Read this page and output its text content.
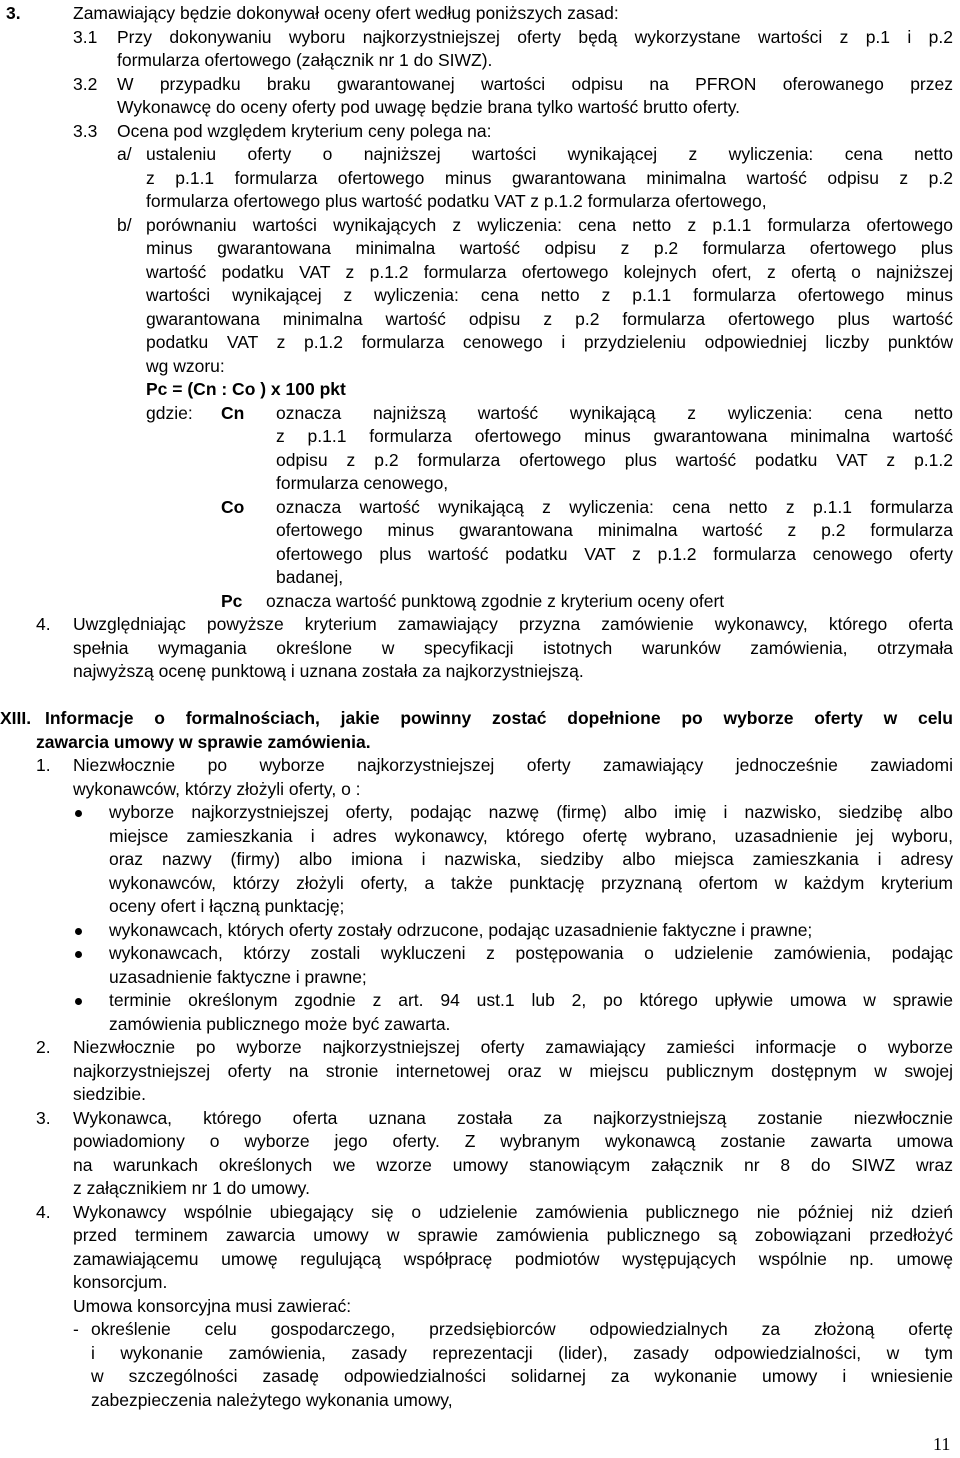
3.	Zamawiający będzie dokonywał oceny ofert według poniższych zasad:
3.1 Przy dokonywaniu wyboru najkorzystniejszej oferty będą wykorzystane wartości z p.1 i p.2
formularza ofertowego (załącznik nr 1 do SIWZ).
3.2 W przypadku braku gwarantowanej wartości odpisu na PFRON oferowanego przez
Wykonawcę do oceny oferty pod uwagę będzie brana tylko wartość brutto oferty.
3.3 Ocena pod względem kryterium ceny polega na:
a/ ustaleniu oferty o najniższej wartości wynikającej z wyliczenia: cena netto
z p.1.1 formularza ofertowego minus gwarantowana minimalna wartość odpisu z p.2
formularza ofertowego plus wartość podatku VAT z p.1.2 formularza ofertowego,
b/ porównaniu wartości wynikających z wyliczenia: cena netto z p.1.1 formularza ofertowego
minus gwarantowana minimalna wartość odpisu z p.2 formularza ofertowego plus
wartość podatku VAT z p.1.2 formularza ofertowego kolejnych ofert, z ofertą o najniższej
wartości wynikającej z wyliczenia: cena netto z p.1.1 formularza ofertowego minus
gwarantowana minimalna wartość odpisu z p.2 formularza ofertowego plus wartość
podatku VAT z p.1.2 formularza cenowego i przydzieleniu odpowiedniej liczby punktów
wg wzoru:
Pc = (Cn : Co ) x 100 pkt
gdzie: Cn oznacza najniższą wartość wynikającą z wyliczenia: cena netto
z p.1.1 formularza ofertowego minus gwarantowana minimalna wartość
odpisu z p.2 formularza ofertowego plus wartość podatku VAT z p.1.2
formularza cenowego,
Co oznacza wartość wynikającą z wyliczenia: cena netto z p.1.1 formularza
ofertowego minus gwarantowana minimalna wartość z p.2 formularza
ofertowego plus wartość podatku VAT z p.1.2 formularza cenowego oferty
badanej,
Pc oznacza wartość punktową zgodnie z kryterium oceny ofert
4. Uwzględniając powyższe kryterium zamawiający przyzna zamówienie wykonawcy, którego oferta
spełnia wymagania określone w specyfikacji istotnych warunków zamówienia, otrzymała
najwyższą ocenę punktową i uznana została za najkorzystniejszą.
XIII. Informacje o formalnościach, jakie powinny zostać dopełnione po wyborze oferty w celu
zawarcia umowy w sprawie zamówienia.
1. Niezwłocznie po wyborze najkorzystniejszej oferty zamawiający jednocześnie zawiadomi
wykonawców, którzy złożyli oferty, o :
wyborze najkorzystniejszej oferty, podając nazwę (firmę) albo imię i nazwisko, siedzibę albo
miejsce zamieszkania i adres wykonawcy, którego ofertę wybrano, uzasadnienie jej wyboru,
oraz nazwy (firmy) albo imiona i nazwiska, siedziby albo miejsca zamieszkania i adresy
wykonawców, którzy złożyli oferty, a także punktację przyznaną ofertom w każdym kryterium
oceny ofert i łączną punktację;
wykonawcach, których oferty zostały odrzucone, podając uzasadnienie faktyczne i prawne;
wykonawcach, którzy zostali wykluczeni z postępowania o udzielenie zamówienia, podając
uzasadnienie faktyczne i prawne;
terminie określonym zgodnie z art. 94 ust.1 lub 2, po którego upływie umowa w sprawie
zamówienia publicznego może być zawarta.
2. Niezwłocznie po wyborze najkorzystniejszej oferty zamawiający zamieści informacje o wyborze
najkorzystniejszej oferty na stronie internetowej oraz w miejscu publicznym dostępnym w swojej
siedzibie.
3. Wykonawca, którego oferta uznana została za najkorzystniejszą zostanie niezwłocznie
powiadomiony o wyborze jego oferty. Z wybranym wykonawcą zostanie zawarta umowa
na warunkach określonych we wzorze umowy stanowiącym załącznik nr 8 do SIWZ wraz
z załącznikiem nr 1 do umowy.
4. Wykonawcy wspólnie ubiegający się o udzielenie zamówienia publicznego nie później niż dzień
przed terminem zawarcia umowy w sprawie zamówienia publicznego są zobowiązani przedłożyć
zamawiającemu umowę regulującą współpracę podmiotów występujących wspólnie np. umowę
konsorcjum.
Umowa konsorcyjna musi zawierać:
- określenie celu gospodarczego, przedsiębiorców odpowiedzialnych za złożoną ofertę
i wykonanie zamówienia, zasady reprezentacji (lider), zasady odpowiedzialności, w tym
w szczególności zasadę odpowiedzialności solidarnej za wykonanie umowy i wniesienie
zabezpieczenia należytego wykonania umowy,
11
